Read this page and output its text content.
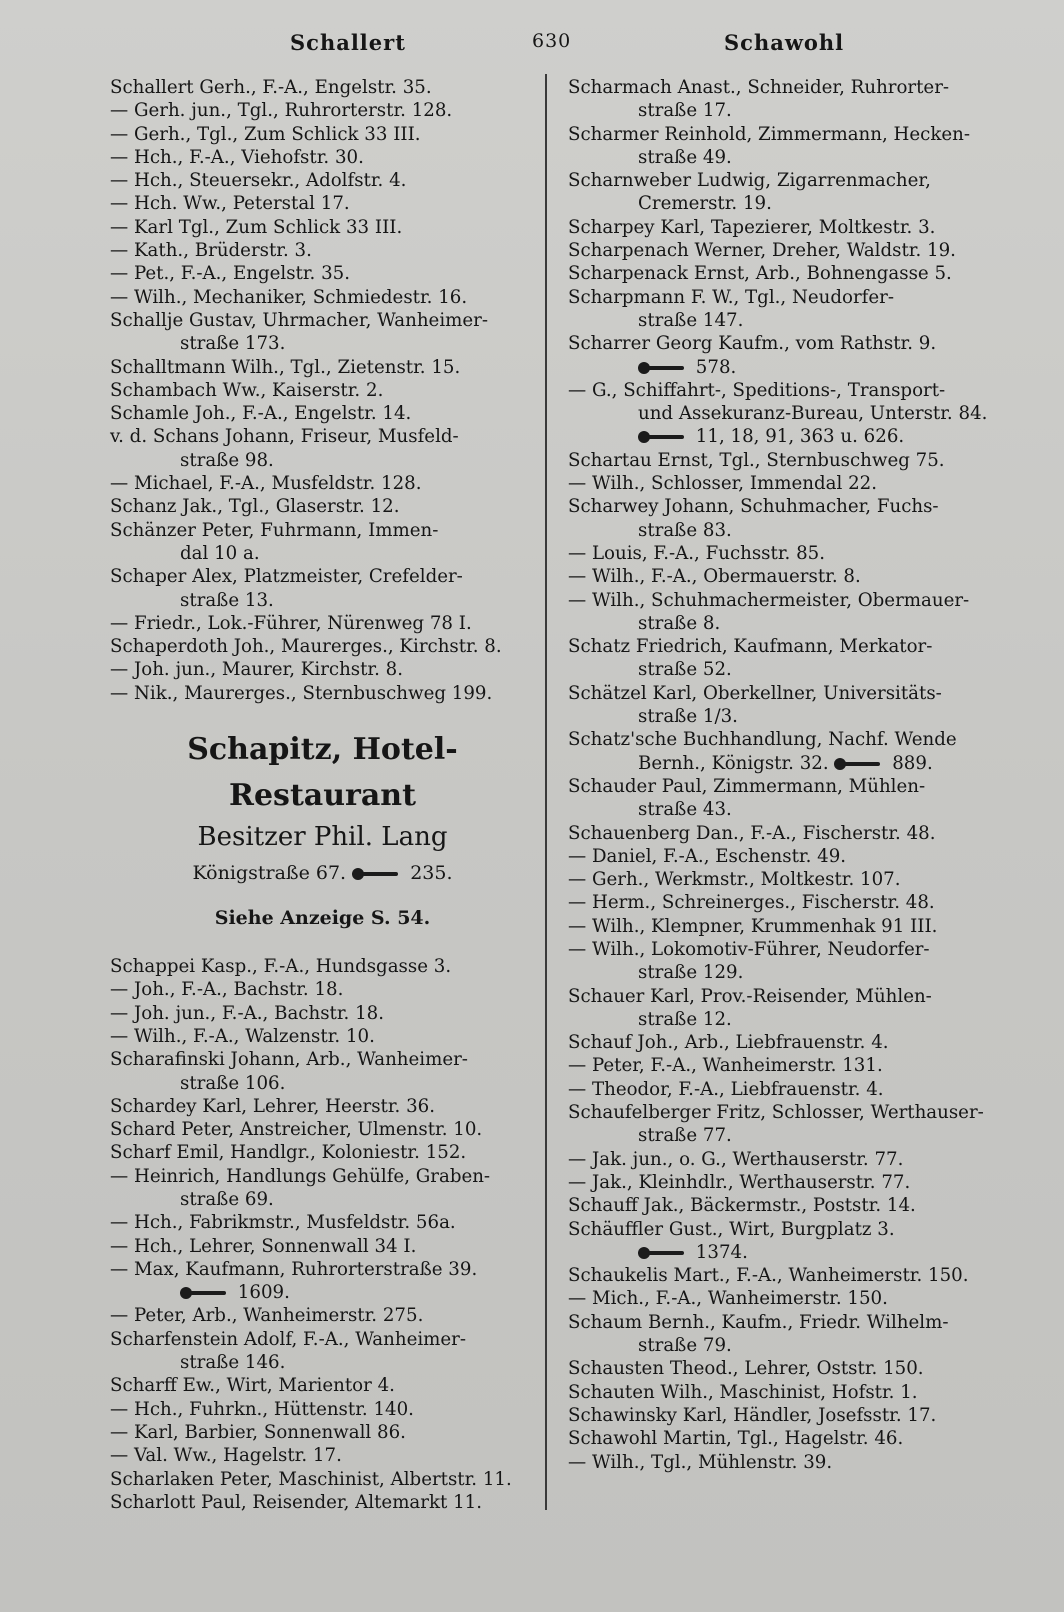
Schallert	630	Schawohl
Schallert Gerh., F.-A., Engelstr. 35.
— Gerh. jun., Tgl., Ruhrorterstr. 128.
— Gerh., Tgl., Zum Schlick 33 III.
— Hch., F.-A., Viehofstr. 30.
— Hch., Steuersekr., Adolfstr. 4.
— Hch. Ww., Peterstal 17.
— Karl Tgl., Zum Schlick 33 III.
— Kath., Brüderstr. 3.
— Pet., F.-A., Engelstr. 35.
— Wilh., Mechaniker, Schmiedestr. 16.
Schallje Gustav, Uhrmacher, Wanheimer-
straße 173.
Schalltmann Wilh., Tgl., Zietenstr. 15.
Schambach Ww., Kaiserstr. 2.
Schamle Joh., F.-A., Engelstr. 14.
v. d. Schans Johann, Friseur, Musfeld-
straße 98.
— Michael, F.-A., Musfeldstr. 128.
Schanz Jak., Tgl., Glaserstr. 12.
Schänzer Peter, Fuhrmann, Immen-
dal 10 a.
Schaper Alex, Platzmeister, Crefelder-
straße 13.
— Friedr., Lok.-Führer, Nürenweg 78 I.
Schaperdoth Joh., Maurerges., Kirchstr. 8.
— Joh. jun., Maurer, Kirchstr. 8.
— Nik., Maurerges., Sternbuschweg 199.
Schapitz, Hotel-Restaurant
Besitzer Phil. Lang
Königstraße 67.	235.
Siehe Anzeige S. 54.
Schappei Kasp., F.-A., Hundsgasse 3.
— Joh., F.-A., Bachstr. 18.
— Joh. jun., F.-A., Bachstr. 18.
— Wilh., F.-A., Walzenstr. 10.
Scharafinski Johann, Arb., Wanheimer-
straße 106.
Schardey Karl, Lehrer, Heerstr. 36.
Schard Peter, Anstreicher, Ulmenstr. 10.
Scharf Emil, Handlgr., Koloniestr. 152.
— Heinrich, Handlungs Gehülfe, Graben-
straße 69.
— Hch., Fabrikmstr., Musfeldstr. 56a.
— Hch., Lehrer, Sonnenwall 34 I.
— Max, Kaufmann, Ruhrorterstraße 39.
1609.
— Peter, Arb., Wanheimerstr. 275.
Scharfenstein Adolf, F.-A., Wanheimer-
straße 146.
Scharff Ew., Wirt, Marientor 4.
— Hch., Fuhrkn., Hüttenstr. 140.
— Karl, Barbier, Sonnenwall 86.
— Val. Ww., Hagelstr. 17.
Scharlaken Peter, Maschinist, Albertstr. 11.
Scharlott Paul, Reisender, Altemarkt 11.
Scharmach Anast., Schneider, Ruhrorter-
straße 17.
Scharmer Reinhold, Zimmermann, Hecken-
straße 49.
Scharnweber Ludwig, Zigarrenmacher,
Cremerstr. 19.
Scharpey Karl, Tapezierer, Moltkestr. 3.
Scharpenach Werner, Dreher, Waldstr. 19.
Scharpenack Ernst, Arb., Bohnengasse 5.
Scharpmann F. W., Tgl., Neudorfer-
straße 147.
Scharrer Georg Kaufm., vom Rathstr. 9.
578.
— G., Schiffahrt-, Speditions-, Transport-
und Assekuranz-Bureau, Unterstr. 84.
11, 18, 91, 363 u. 626.
Schartau Ernst, Tgl., Sternbuschweg 75.
— Wilh., Schlosser, Immendal 22.
Scharwey Johann, Schuhmacher, Fuchs-
straße 83.
— Louis, F.-A., Fuchsstr. 85.
— Wilh., F.-A., Obermauerstr. 8.
— Wilh., Schuhmachermeister, Obermauer-
straße 8.
Schatz Friedrich, Kaufmann, Merkator-
straße 52.
Schätzel Karl, Oberkellner, Universitäts-
straße 1/3.
Schatz'sche Buchhandlung, Nachf. Wende
Bernh., Königstr. 32.	889.
Schauder Paul, Zimmermann, Mühlen-
straße 43.
Schauenberg Dan., F.-A., Fischerstr. 48.
— Daniel, F.-A., Eschenstr. 49.
— Gerh., Werkmstr., Moltkestr. 107.
— Herm., Schreinerges., Fischerstr. 48.
— Wilh., Klempner, Krummenhak 91 III.
— Wilh., Lokomotiv-Führer, Neudorfer-
straße 129.
Schauer Karl, Prov.-Reisender, Mühlen-
straße 12.
Schauf Joh., Arb., Liebfrauenstr. 4.
— Peter, F.-A., Wanheimerstr. 131.
— Theodor, F.-A., Liebfrauenstr. 4.
Schaufelberger Fritz, Schlosser, Werthauser-
straße 77.
— Jak. jun., o. G., Werthauserstr. 77.
— Jak., Kleinhdlr., Werthauserstr. 77.
Schauff Jak., Bäckermstr., Poststr. 14.
Schäuffler Gust., Wirt, Burgplatz 3.
1374.
Schaukelis Mart., F.-A., Wanheimerstr. 150.
— Mich., F.-A., Wanheimerstr. 150.
Schaum Bernh., Kaufm., Friedr. Wilhelm-
straße 79.
Schausten Theod., Lehrer, Oststr. 150.
Schauten Wilh., Maschinist, Hofstr. 1.
Schawinsky Karl, Händler, Josefsstr. 17.
Schawohl Martin, Tgl., Hagelstr. 46.
— Wilh., Tgl., Mühlenstr. 39.
